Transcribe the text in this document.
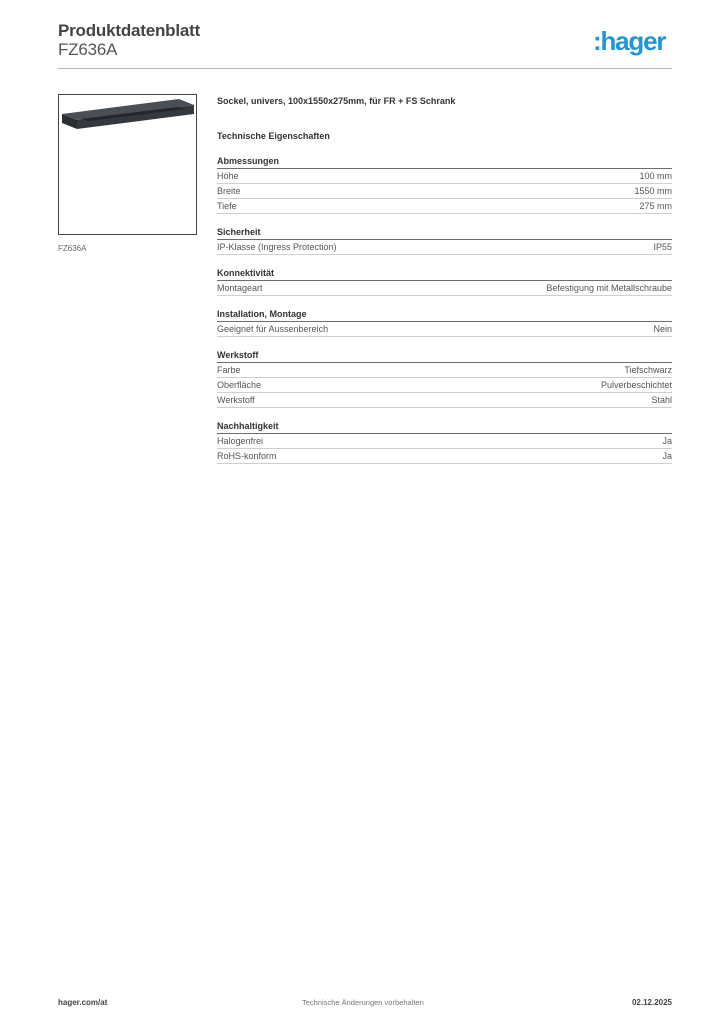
Produktdatenblatt
FZ636A	:hager
FZ636A
Sockel, univers, 100x1550x275mm, für FR + FS Schrank
Technische Eigenschaften
Abmessungen
Höhe	100 mm
Breite	1550 mm
Tiefe	275 mm
Sicherheit
IP-Klasse (Ingress Protection)	IP55
Konnektivität
Montageart	Befestigung mit Metallschraube
Installation, Montage
Geeignet für Aussenbereich	Nein
Werkstoff
Farbe	Tiefschwarz
Oberfläche	Pulverbeschichtet
Werkstoff	Stahl
Nachhaltigkeit
Halogenfrei	Ja
RoHS-konform	Ja
hager.com/at	Technische Änderungen vorbehalten	02.12.2025
